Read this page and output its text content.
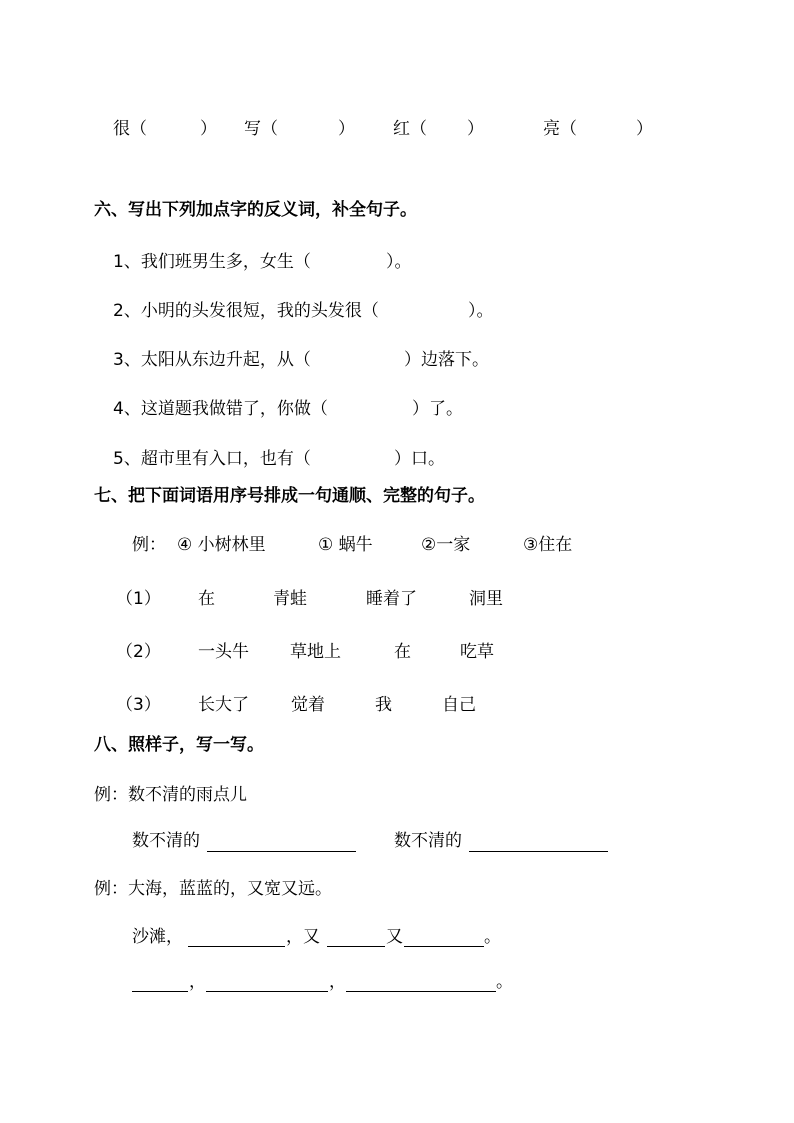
很（	） 写（	） 红（ ）	亮（	）
六、写出下列加点字的反义词，补全句子。
1、我们班男生多，女生（	）。
2、小明的头发很短，我的头发很（	）。
3、太阳从东边升起，从（	）边落下。
4、这道题我做错了，你做（	）了。
5、超市里有入口，也有（	）口。
七、把下面词语用序号排成一句通顺、完整的句子。
例： ④ 小树林里	① 蜗牛	②一家	③住在
（1） 在	青蛙	睡着了	洞里
（2） 一头牛 草地上	在	吃草
（3） 长大了 觉着	我	自己
八、照样子，写一写。
例：数不清的雨点儿
数不清的	数不清的
例：大海，蓝蓝的，又宽又远。
沙滩，	，又	又	。
，	，	。
